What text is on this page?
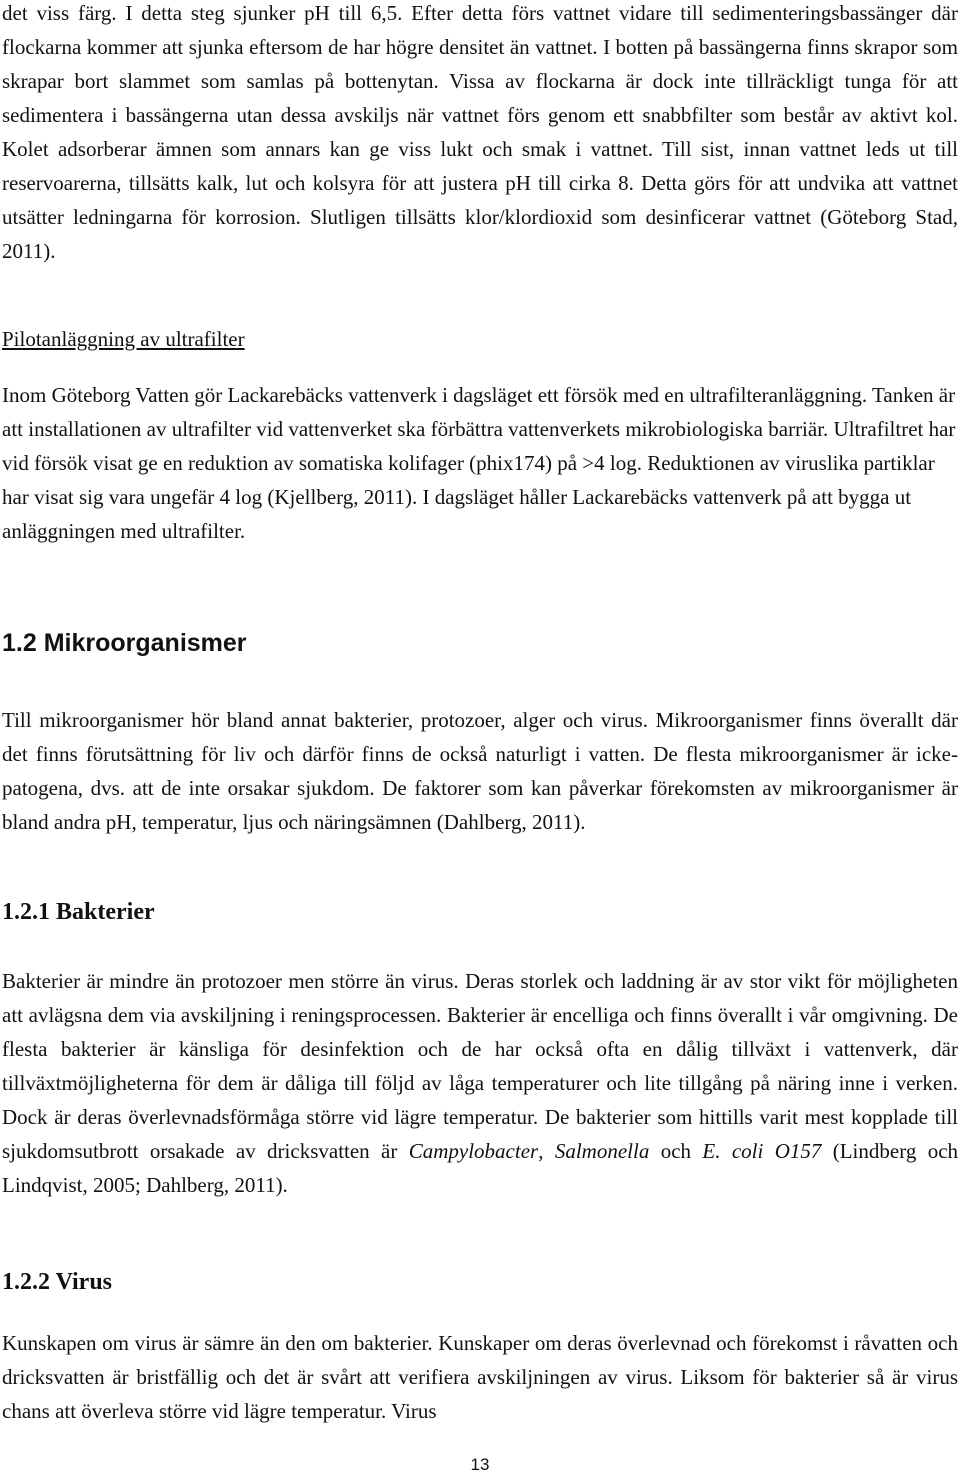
det viss färg. I detta steg sjunker pH till 6,5. Efter detta förs vattnet vidare till sedimenteringsbassänger där flockarna kommer att sjunka eftersom de har högre densitet än vattnet. I botten på bassängerna finns skrapor som skrapar bort slammet som samlas på bottenytan. Vissa av flockarna är dock inte tillräckligt tunga för att sedimentera i bassängerna utan dessa avskiljs när vattnet förs genom ett snabbfilter som består av aktivt kol. Kolet adsorberar ämnen som annars kan ge viss lukt och smak i vattnet. Till sist, innan vattnet leds ut till reservoarerna, tillsätts kalk, lut och kolsyra för att justera pH till cirka 8. Detta görs för att undvika att vattnet utsätter ledningarna för korrosion. Slutligen tillsätts klor/klordioxid som desinficerar vattnet (Göteborg Stad, 2011).

Pilotanläggning av ultrafilter

Inom Göteborg Vatten gör Lackarebäcks vattenverk i dagsläget ett försök med en ultrafilteranläggning. Tanken är att installationen av ultrafilter vid vattenverket ska förbättra vattenverkets mikrobiologiska barriär. Ultrafiltret har vid försök visat ge en reduktion av somatiska kolifager (phix174) på >4 log. Reduktionen av viruslika partiklar har visat sig vara ungefär 4 log (Kjellberg, 2011). I dagsläget håller Lackarebäcks vattenverk på att bygga ut anläggningen med ultrafilter.

1.2 Mikroorganismer

Till mikroorganismer hör bland annat bakterier, protozoer, alger och virus. Mikroorganismer finns överallt där det finns förutsättning för liv och därför finns de också naturligt i vatten. De flesta mikroorganismer är icke-patogena, dvs. att de inte orsakar sjukdom. De faktorer som kan påverkar förekomsten av mikroorganismer är bland andra pH, temperatur, ljus och näringsämnen (Dahlberg, 2011).

1.2.1 Bakterier

Bakterier är mindre än protozoer men större än virus. Deras storlek och laddning är av stor vikt för möjligheten att avlägsna dem via avskiljning i reningsprocessen. Bakterier är encelliga och finns överallt i vår omgivning. De flesta bakterier är känsliga för desinfektion och de har också ofta en dålig tillväxt i vattenverk, där tillväxtmöjligheterna för dem är dåliga till följd av låga temperaturer och lite tillgång på näring inne i verken. Dock är deras överlevnadsförmåga större vid lägre temperatur. De bakterier som hittills varit mest kopplade till sjukdomsutbrott orsakade av dricksvatten är Campylobacter, Salmonella och E. coli O157 (Lindberg och Lindqvist, 2005; Dahlberg, 2011).

1.2.2 Virus

Kunskapen om virus är sämre än den om bakterier. Kunskaper om deras överlevnad och förekomst i råvatten och dricksvatten är bristfällig och det är svårt att verifiera avskiljningen av virus. Liksom för bakterier så är virus chans att överleva större vid lägre temperatur. Virus

13
